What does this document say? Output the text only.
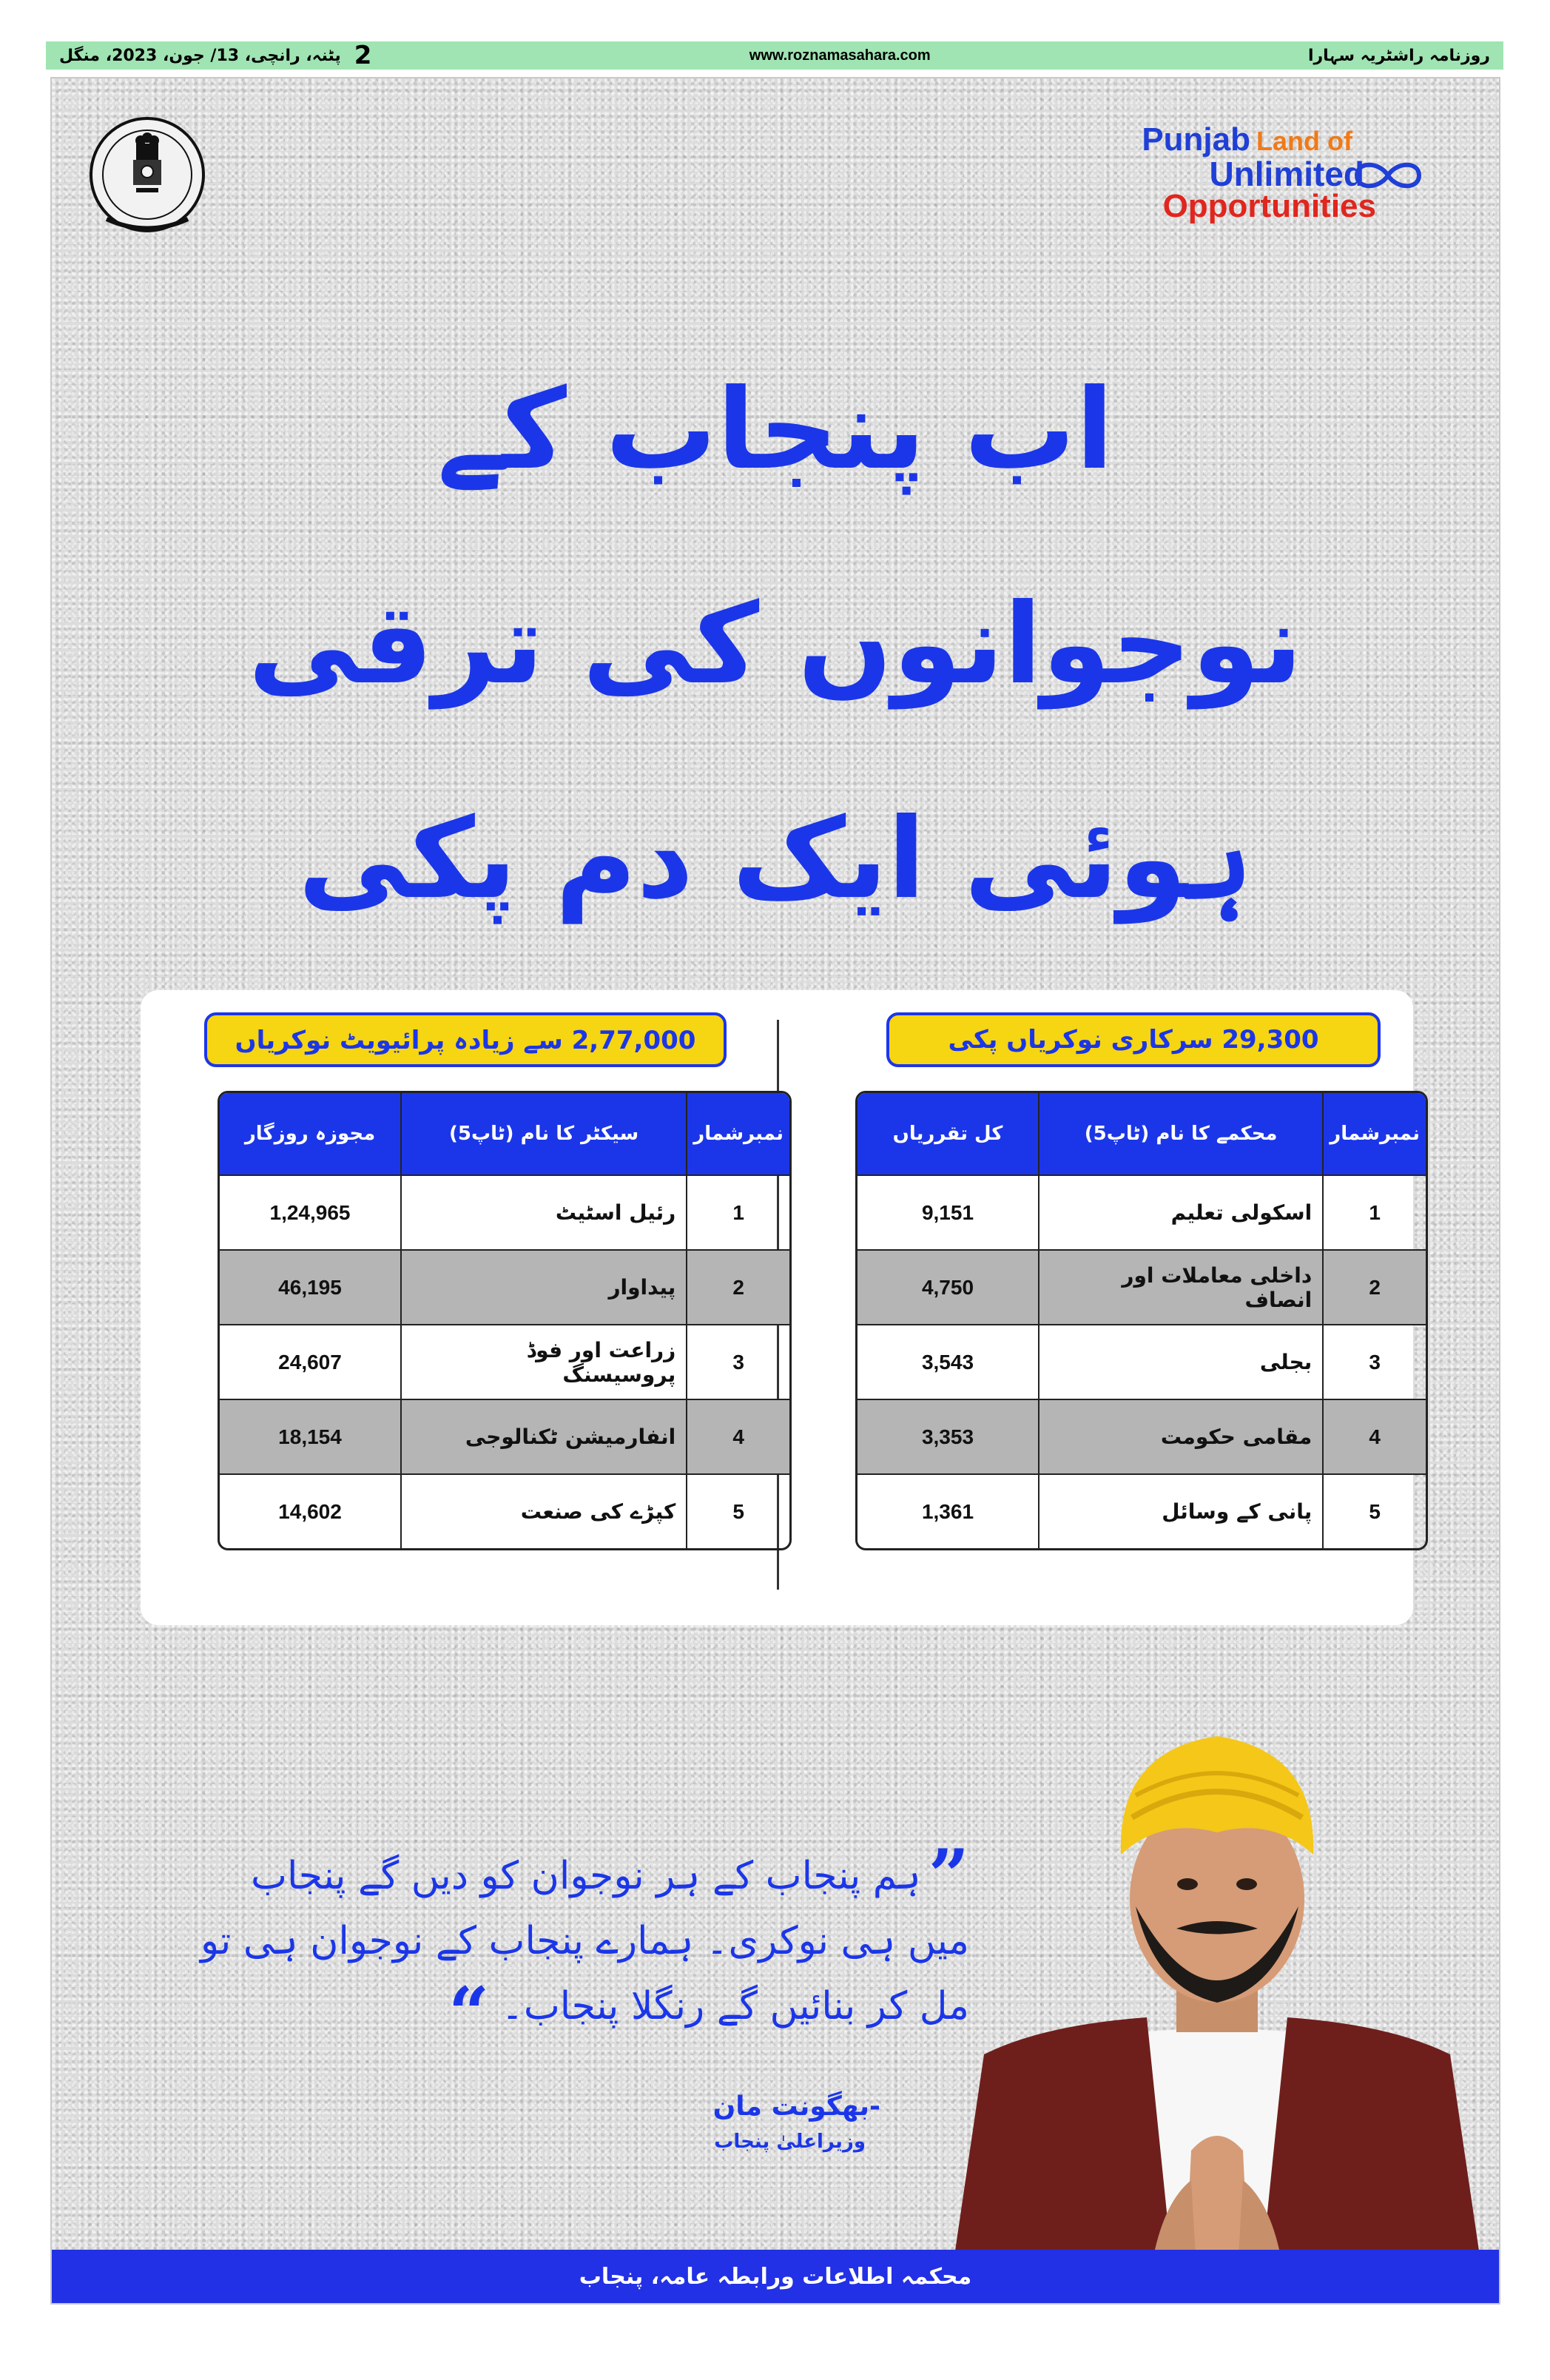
2
پٹنہ، رانچی، 13/ جون، 2023، منگل	www.roznamasahara.com	روزنامہ راشٹریہ سہارا
Punjab Land of
Unlimited
Opportunities
اب پنجاب کے
نوجوانوں کی ترقی
ہوئی ایک دم پکی
2,77,000 سے زیادہ پرائیویٹ نوکریاں	29,300 سرکاری نوکریاں پکی
نمبرشمار	سیکٹر کا نام (ٹاپ5)	مجوزہ روزگار
1	رئیل اسٹیٹ	1,24,965
2	پیداوار	46,195
3	زراعت اور فوڈ پروسیسنگ	24,607
4	انفارمیشن ٹکنالوجی	18,154
5	کپڑے کی صنعت	14,602
نمبرشمار	محکمے کا نام (ٹاپ5)	کل تقرریاں
1	اسکولی تعلیم	9,151
2	داخلی معاملات اور انصاف	4,750
3	بجلی	3,543
4	مقامی حکومت	3,353
5	پانی کے وسائل	1,361
”ہم پنجاب کے ہر نوجوان کو دیں گے پنجاب میں ہی نوکری۔ ہمارے پنجاب کے نوجوان ہی تو مل کر بنائیں گے رنگلا پنجاب۔“
-بھگونت مان
وزیراعلیٰ پنجاب
محکمہ اطلاعات ورابطہ عامہ، پنجاب
